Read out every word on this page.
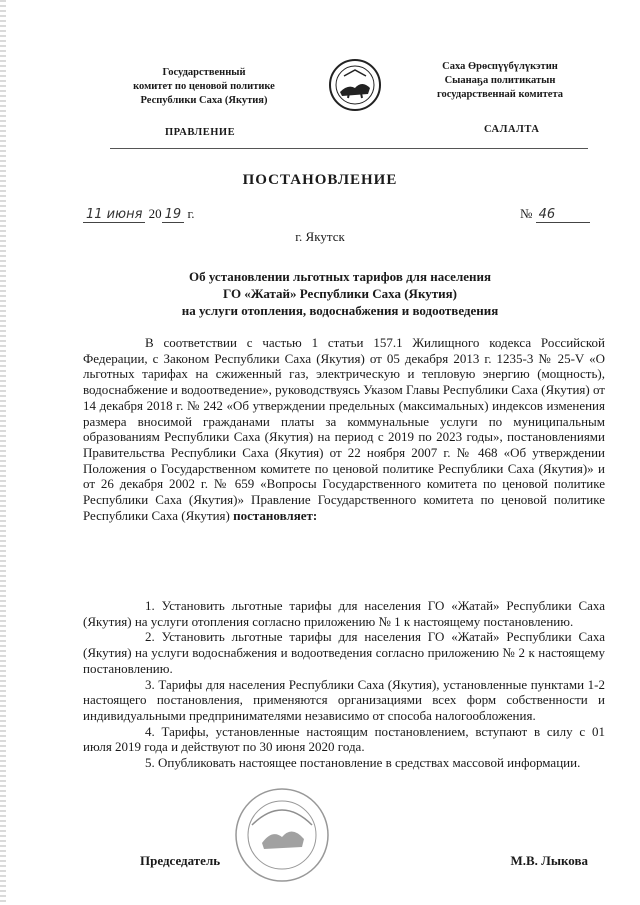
Государственный
комитет по ценовой политике
Республики Саха (Якутия)
Саха Өрөспүүбүлүкэтин
Сыанаҕа политикатын
государственнай комитета
ПРАВЛЕНИЕ	САЛАЛТА
ПОСТАНОВЛЕНИЕ
11 июня 20 19 г.	№ 46
г. Якутск
Об установлении льготных тарифов для населения
ГО «Жатай» Республики Саха (Якутия)
на услуги отопления, водоснабжения и водоотведения
В соответствии с частью 1 статьи 157.1 Жилищного кодекса Российской Федерации, с Законом Республики Саха (Якутия) от 05 декабря 2013 г. 1235-3 № 25-V «О льготных тарифах на сжиженный газ, электрическую и тепловую энергию (мощность), водоснабжение и водоотведение», руководствуясь Указом Главы Республики Саха (Якутия) от 14 декабря 2018 г. № 242 «Об утверждении предельных (максимальных) индексов изменения размера вносимой гражданами платы за коммунальные услуги по муниципальным образованиям Республики Саха (Якутия) на период с 2019 по 2023 годы», постановлениями Правительства Республики Саха (Якутия) от 22 ноября 2007 г. № 468 «Об утверждении Положения о Государственном комитете по ценовой политике Республики Саха (Якутия)» и от 26 декабря 2002 г. № 659 «Вопросы Государственного комитета по ценовой политике Республики Саха (Якутия)» Правление Государственного комитета по ценовой политике Республики Саха (Якутия) постановляет:

1. Установить льготные тарифы для населения ГО «Жатай» Республики Саха (Якутия) на услуги отопления согласно приложению № 1 к настоящему постановлению.

2. Установить льготные тарифы для населения ГО «Жатай» Республики Саха (Якутия) на услуги водоснабжения и водоотведения согласно приложению № 2 к настоящему постановлению.

3. Тарифы для населения Республики Саха (Якутия), установленные пунктами 1-2 настоящего постановления, применяются организациями всех форм собственности и индивидуальными предпринимателями независимо от способа налогообложения.

4. Тарифы, установленные настоящим постановлением, вступают в силу с 01 июля 2019 года и действуют по 30 июня 2020 года.

5. Опубликовать настоящее постановление в средствах массовой информации.

Председатель	М.В. Лыкова
